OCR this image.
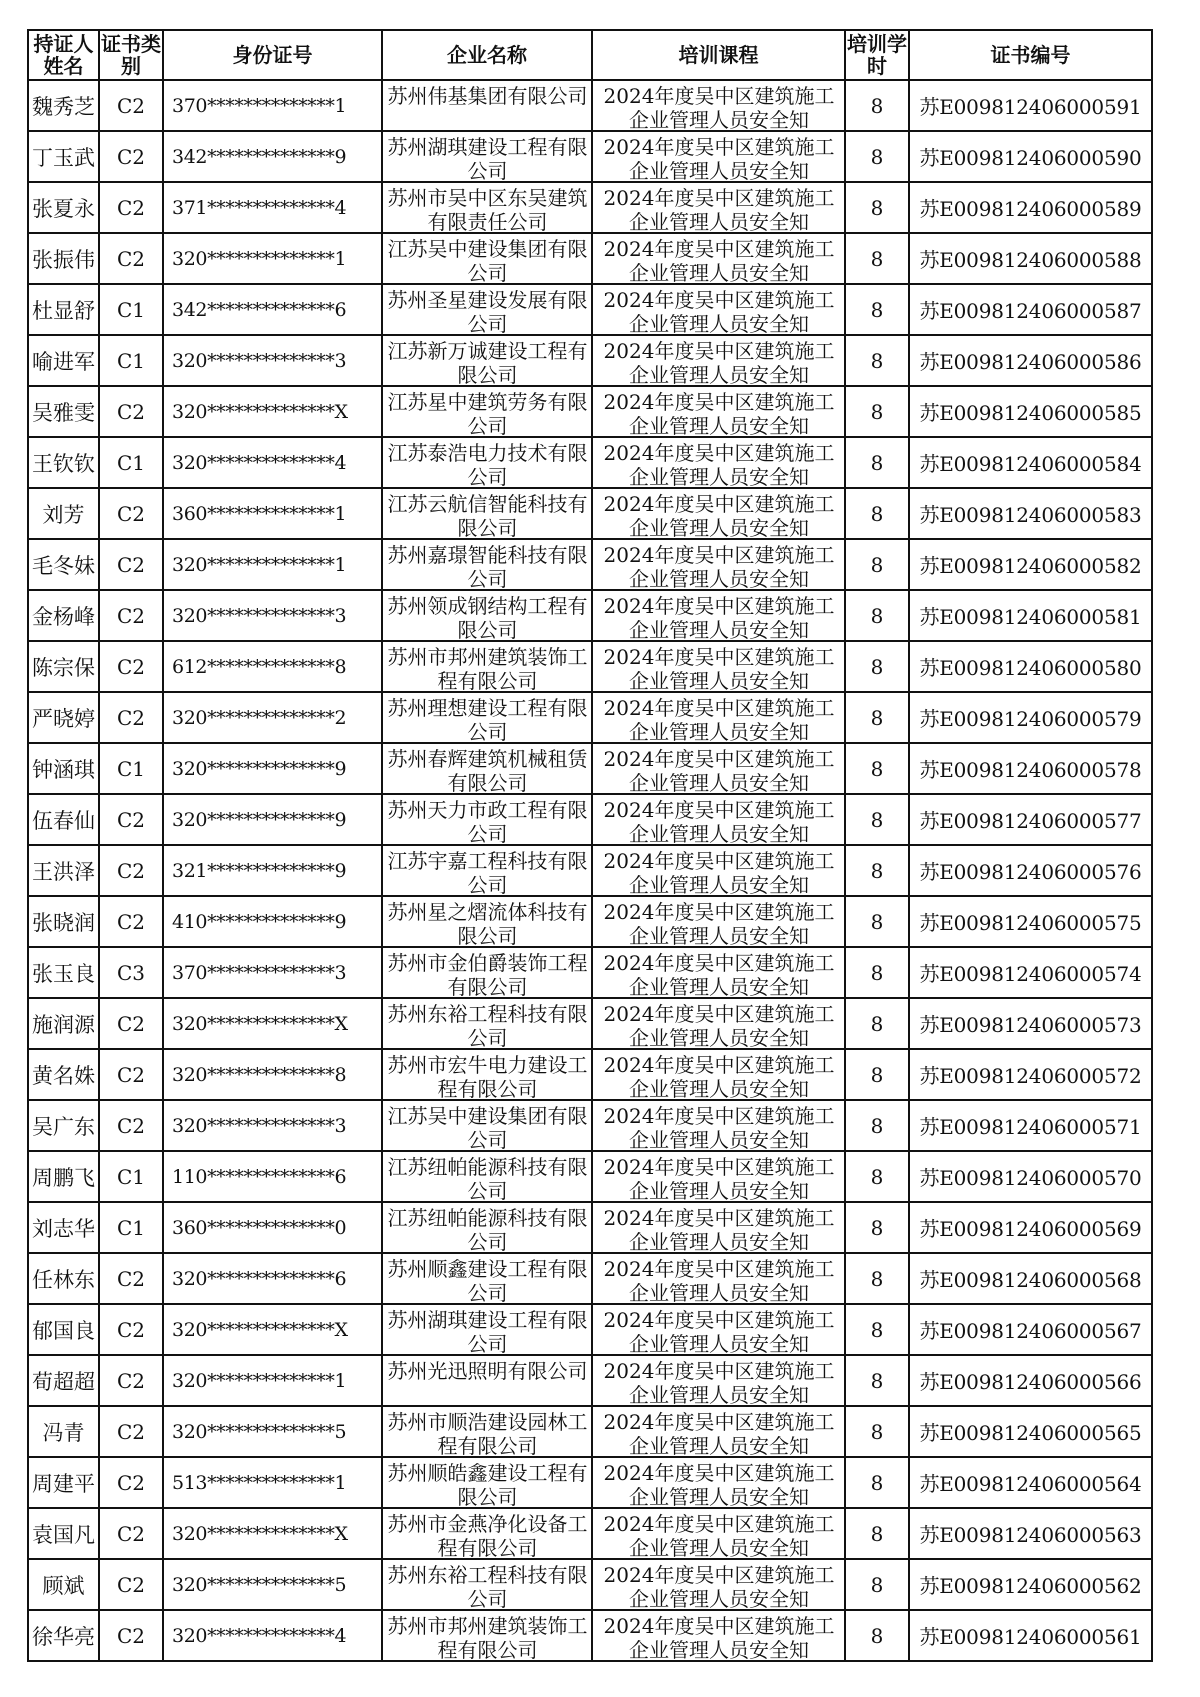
持证人姓名	证书类别	身份证号	企业名称	培训课程	培训学时	证书编号
魏秀芝	C2	370**************1	苏州伟基集团有限公司	2024年度吴中区建筑施工企业管理人员安全知	8	苏E009812406000591
丁玉武	C2	342**************9	苏州湖琪建设工程有限公司	2024年度吴中区建筑施工企业管理人员安全知	8	苏E009812406000590
张夏永	C2	371**************4	苏州市吴中区东吴建筑有限责任公司	2024年度吴中区建筑施工企业管理人员安全知	8	苏E009812406000589
张振伟	C2	320**************1	江苏吴中建设集团有限公司	2024年度吴中区建筑施工企业管理人员安全知	8	苏E009812406000588
杜显舒	C1	342**************6	苏州圣星建设发展有限公司	2024年度吴中区建筑施工企业管理人员安全知	8	苏E009812406000587
喻进军	C1	320**************3	江苏新万诚建设工程有限公司	2024年度吴中区建筑施工企业管理人员安全知	8	苏E009812406000586
吴雅雯	C2	320**************X	江苏星中建筑劳务有限公司	2024年度吴中区建筑施工企业管理人员安全知	8	苏E009812406000585
王钦钦	C1	320**************4	江苏泰浩电力技术有限公司	2024年度吴中区建筑施工企业管理人员安全知	8	苏E009812406000584
刘芳	C2	360**************1	江苏云航信智能科技有限公司	2024年度吴中区建筑施工企业管理人员安全知	8	苏E009812406000583
毛冬妹	C2	320**************1	苏州嘉璟智能科技有限公司	2024年度吴中区建筑施工企业管理人员安全知	8	苏E009812406000582
金杨峰	C2	320**************3	苏州领成钢结构工程有限公司	2024年度吴中区建筑施工企业管理人员安全知	8	苏E009812406000581
陈宗保	C2	612**************8	苏州市邦州建筑装饰工程有限公司	2024年度吴中区建筑施工企业管理人员安全知	8	苏E009812406000580
严晓婷	C2	320**************2	苏州理想建设工程有限公司	2024年度吴中区建筑施工企业管理人员安全知	8	苏E009812406000579
钟涵琪	C1	320**************9	苏州春辉建筑机械租赁有限公司	2024年度吴中区建筑施工企业管理人员安全知	8	苏E009812406000578
伍春仙	C2	320**************9	苏州天力市政工程有限公司	2024年度吴中区建筑施工企业管理人员安全知	8	苏E009812406000577
王洪泽	C2	321**************9	江苏宇嘉工程科技有限公司	2024年度吴中区建筑施工企业管理人员安全知	8	苏E009812406000576
张晓润	C2	410**************9	苏州星之熠流体科技有限公司	2024年度吴中区建筑施工企业管理人员安全知	8	苏E009812406000575
张玉良	C3	370**************3	苏州市金伯爵装饰工程有限公司	2024年度吴中区建筑施工企业管理人员安全知	8	苏E009812406000574
施润源	C2	320**************X	苏州东裕工程科技有限公司	2024年度吴中区建筑施工企业管理人员安全知	8	苏E009812406000573
黄名姝	C2	320**************8	苏州市宏牛电力建设工程有限公司	2024年度吴中区建筑施工企业管理人员安全知	8	苏E009812406000572
吴广东	C2	320**************3	江苏吴中建设集团有限公司	2024年度吴中区建筑施工企业管理人员安全知	8	苏E009812406000571
周鹏飞	C1	110**************6	江苏纽帕能源科技有限公司	2024年度吴中区建筑施工企业管理人员安全知	8	苏E009812406000570
刘志华	C1	360**************0	江苏纽帕能源科技有限公司	2024年度吴中区建筑施工企业管理人员安全知	8	苏E009812406000569
任林东	C2	320**************6	苏州顺鑫建设工程有限公司	2024年度吴中区建筑施工企业管理人员安全知	8	苏E009812406000568
郁国良	C2	320**************X	苏州湖琪建设工程有限公司	2024年度吴中区建筑施工企业管理人员安全知	8	苏E009812406000567
荀超超	C2	320**************1	苏州光迅照明有限公司	2024年度吴中区建筑施工企业管理人员安全知	8	苏E009812406000566
冯青	C2	320**************5	苏州市顺浩建设园林工程有限公司	2024年度吴中区建筑施工企业管理人员安全知	8	苏E009812406000565
周建平	C2	513**************1	苏州顺皓鑫建设工程有限公司	2024年度吴中区建筑施工企业管理人员安全知	8	苏E009812406000564
袁国凡	C2	320**************X	苏州市金燕净化设备工程有限公司	2024年度吴中区建筑施工企业管理人员安全知	8	苏E009812406000563
顾斌	C2	320**************5	苏州东裕工程科技有限公司	2024年度吴中区建筑施工企业管理人员安全知	8	苏E009812406000562
徐华亮	C2	320**************4	苏州市邦州建筑装饰工程有限公司	2024年度吴中区建筑施工企业管理人员安全知	8	苏E009812406000561
